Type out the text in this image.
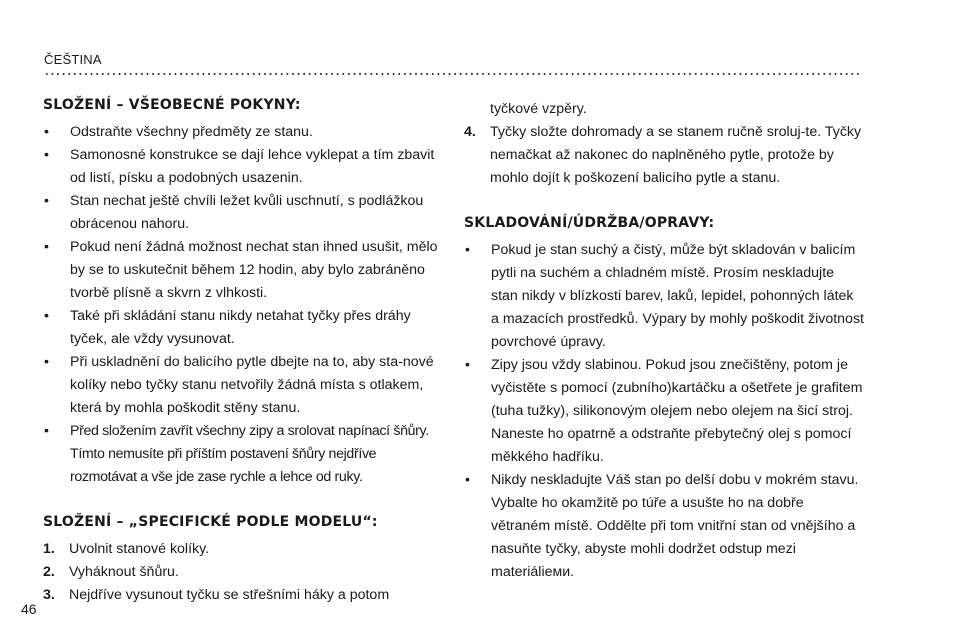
ČEŠTINA
SLOŽENÍ – VŠEOBECNÉ POKYNY:
•	Odstraňte všechny předměty ze stanu.
•	Samonosné konstrukce se dají lehce vyklepat a tím zbavit od listí, písku a podobných usazenin.
•	Stan nechat ještě chvíli ležet kvůli uschnutí, s podlážkou obrácenou nahoru.
•	Pokud není žádná možnost nechat stan ihned usušit, mělo by se to uskutečnit během 12 hodin, aby bylo zabráněno tvorbě plísně a skvrn z vlhkosti.
•	Také při skládání stanu nikdy netahat tyčky přes dráhy tyček, ale vždy vysunovat.
•	Při uskladnění do balicího pytle dbejte na to, aby sta-nové kolíky nebo tyčky stanu netvořily žádná místa s otlakem, která by mohla poškodit stěny stanu.
•	Před složením zavřít všechny zipy a srolovat napínací šňůry. Tímto nemusíte při příštím postavení šňůry nejdříve rozmotávat a vše jde zase rychle a lehce od ruky.
SLOŽENÍ – „SPECIFICKÉ PODLE MODELU“:
1. Uvolnit stanové kolíky.
2. Vyháknout šňůru.
3. Nejdříve vysunout tyčku se střešními háky a potom
tyčkové vzpěry.
4. Tyčky složte dohromady a se stanem ručně sroluj-te. Tyčky nemačkat až nakonec do naplněného pytle, protože by mohlo dojít k poškození balicího pytle a stanu.
SKLADOVÁNÍ/ÚDRŽBA/OPRAVY:
•	Pokud je stan suchý a čistý, může být skladován v balicím pytli na suchém a chladném místě. Prosím neskladujte stan nikdy v blízkosti barev, laků, lepidel, pohonných látek a mazacích prostředků. Výpary by mohly poškodit životnost povrchové úpravy.
•	Zipy jsou vždy slabinou. Pokud jsou znečištěny, potom je vyčistěte s pomocí (zubního)kartáčku a ošetřete je grafitem (tuha tužky), silikonovým olejem nebo olejem na šicí stroj. Naneste ho opatrně a odstraňte přebytečný olej s pomocí měkkého hadříku.
•	Nikdy neskladujte Váš stan po delší dobu v mokrém stavu. Vybalte ho okamžitě po túře a usušte ho na dobře větraném místě. Oddělte při tom vnitřní stan od vnějšího a nasuňte tyčky, abyste mohli dodržet odstup mezi materiálieми.
46
